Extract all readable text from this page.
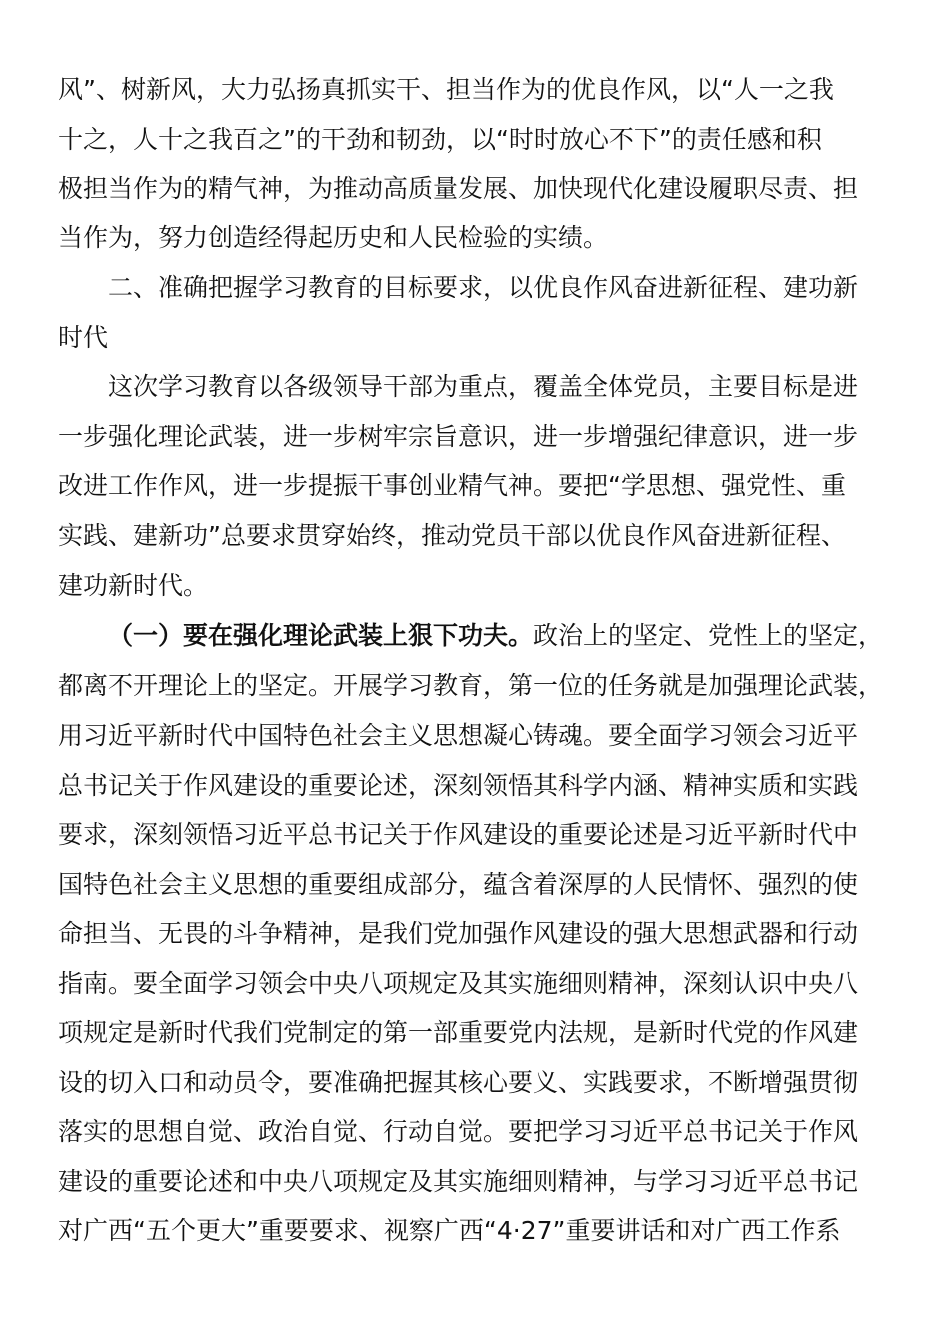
风”、树新风，大力弘扬真抓实干、担当作为的优良作风，以“人一之我
十之，人十之我百之”的干劲和韧劲，以“时时放心不下”的责任感和积
极担当作为的精气神，为推动高质量发展、加快现代化建设履职尽责、担
当作为，努力创造经得起历史和人民检验的实绩。
二、准确把握学习教育的目标要求，以优良作风奋进新征程、建功新
时代
这次学习教育以各级领导干部为重点，覆盖全体党员，主要目标是进
一步强化理论武装，进一步树牢宗旨意识，进一步增强纪律意识，进一步
改进工作作风，进一步提振干事创业精气神。要把“学思想、强党性、重
实践、建新功”总要求贯穿始终，推动党员干部以优良作风奋进新征程、
建功新时代。
（一）要在强化理论武装上狠下功夫。政治上的坚定、党性上的坚定，
都离不开理论上的坚定。开展学习教育，第一位的任务就是加强理论武装，
用习近平新时代中国特色社会主义思想凝心铸魂。要全面学习领会习近平
总书记关于作风建设的重要论述，深刻领悟其科学内涵、精神实质和实践
要求，深刻领悟习近平总书记关于作风建设的重要论述是习近平新时代中
国特色社会主义思想的重要组成部分，蕴含着深厚的人民情怀、强烈的使
命担当、无畏的斗争精神，是我们党加强作风建设的强大思想武器和行动
指南。要全面学习领会中央八项规定及其实施细则精神，深刻认识中央八
项规定是新时代我们党制定的第一部重要党内法规，是新时代党的作风建
设的切入口和动员令，要准确把握其核心要义、实践要求，不断增强贯彻
落实的思想自觉、政治自觉、行动自觉。要把学习习近平总书记关于作风
建设的重要论述和中央八项规定及其实施细则精神，与学习习近平总书记
对广西“五个更大”重要要求、视察广西“4·27”重要讲话和对广西工作系
